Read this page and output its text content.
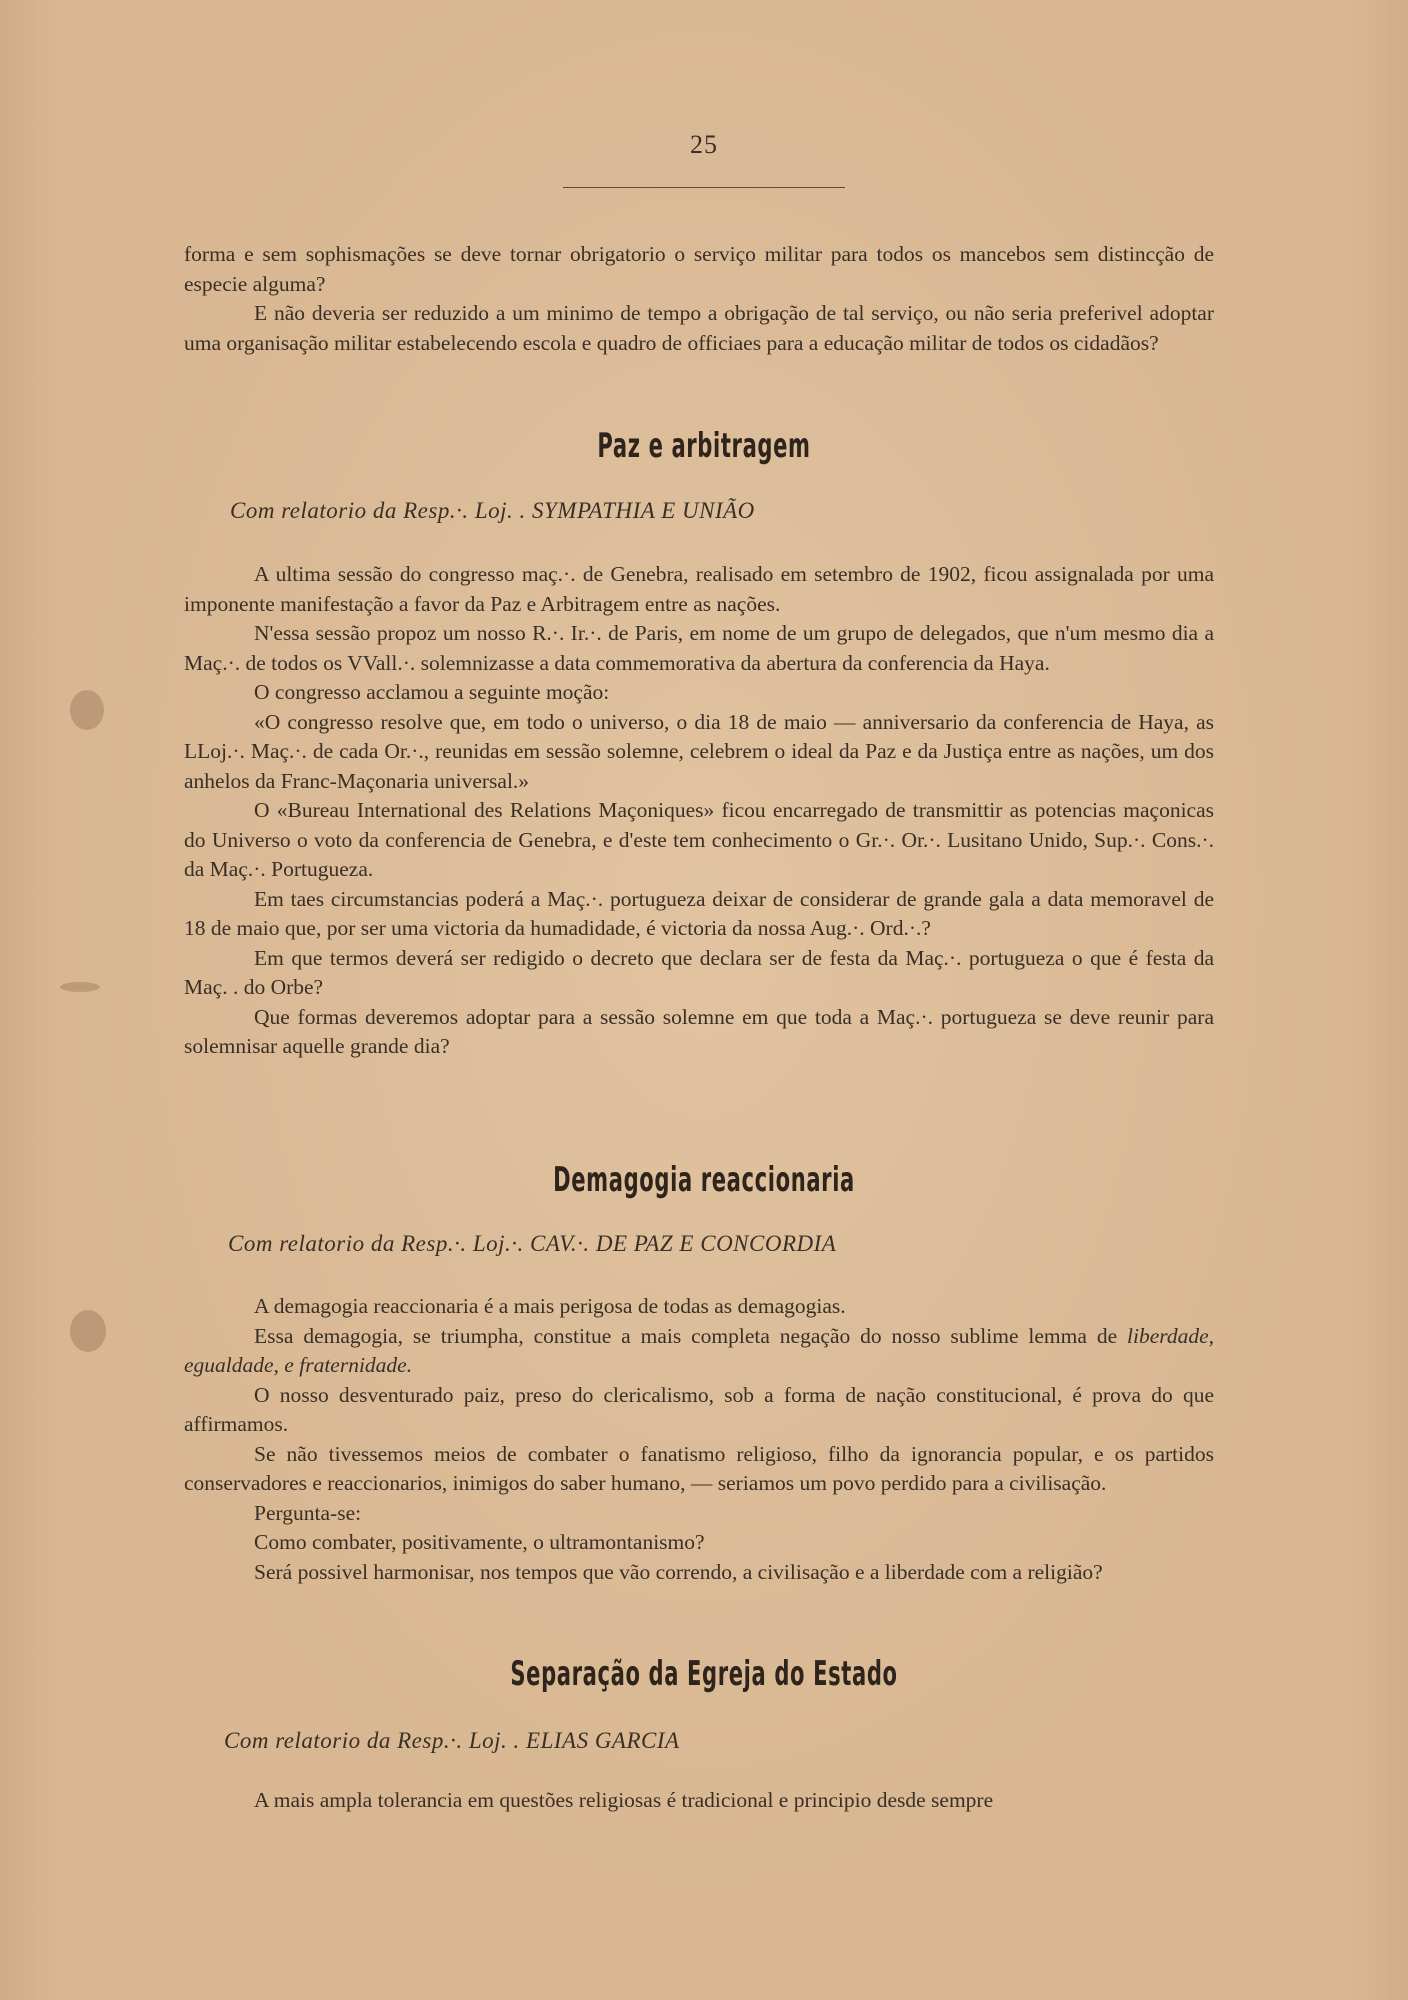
25

forma e sem sophismações se deve tornar obrigatorio o serviço militar para todos os mancebos sem distincção de especie alguma?

E não deveria ser reduzido a um minimo de tempo a obrigação de tal serviço, ou não seria preferivel adoptar uma organisação militar estabelecendo escola e quadro de officiaes para a educação militar de todos os cidadãos?

Paz e arbitragem
Com relatorio da Resp.·. Loj. . SYMPATHIA E UNIÃO

A ultima sessão do congresso maç.·. de Genebra, realisado em setembro de 1902, ficou assignalada por uma imponente manifestação a favor da Paz e Arbitragem entre as nações.

N'essa sessão propoz um nosso R.·. Ir.·. de Paris, em nome de um grupo de delegados, que n'um mesmo dia a Maç.·. de todos os VVall.·. solemnizasse a data commemorativa da abertura da conferencia da Haya.

O congresso acclamou a seguinte moção:

«O congresso resolve que, em todo o universo, o dia 18 de maio — anniversario da conferencia de Haya, as LLoj.·. Maç.·. de cada Or.·., reunidas em sessão solemne, celebrem o ideal da Paz e da Justiça entre as nações, um dos anhelos da Franc-Maçonaria universal.»

O «Bureau International des Relations Maçoniques» ficou encarregado de transmittir as potencias maçonicas do Universo o voto da conferencia de Genebra, e d'este tem conhecimento o Gr.·. Or.·. Lusitano Unido, Sup.·. Cons.·. da Maç.·. Portugueza.

Em taes circumstancias poderá a Maç.·. portugueza deixar de considerar de grande gala a data memoravel de 18 de maio que, por ser uma victoria da humadidade, é victoria da nossa Aug.·. Ord.·.?

Em que termos deverá ser redigido o decreto que declara ser de festa da Maç.·. portugueza o que é festa da Maç. . do Orbe?

Que formas deveremos adoptar para a sessão solemne em que toda a Maç.·. portugueza se deve reunir para solemnisar aquelle grande dia?

Demagogia reaccionaria
Com relatorio da Resp.·. Loj.·. CAV.·. DE PAZ E CONCORDIA

A demagogia reaccionaria é a mais perigosa de todas as demagogias.

Essa demagogia, se triumpha, constitue a mais completa negação do nosso sublime lemma de liberdade, egualdade, e fraternidade.

O nosso desventurado paiz, preso do clericalismo, sob a forma de nação constitucional, é prova do que affirmamos.

Se não tivessemos meios de combater o fanatismo religioso, filho da ignorancia popular, e os partidos conservadores e reaccionarios, inimigos do saber humano, — seriamos um povo perdido para a civilisação.

Pergunta-se:

Como combater, positivamente, o ultramontanismo?

Será possivel harmonisar, nos tempos que vão correndo, a civilisação e a liberdade com a religião?

Separação da Egreja do Estado
Com relatorio da Resp.·. Loj. . ELIAS GARCIA

A mais ampla tolerancia em questões religiosas é tradicional e principio desde sempre
